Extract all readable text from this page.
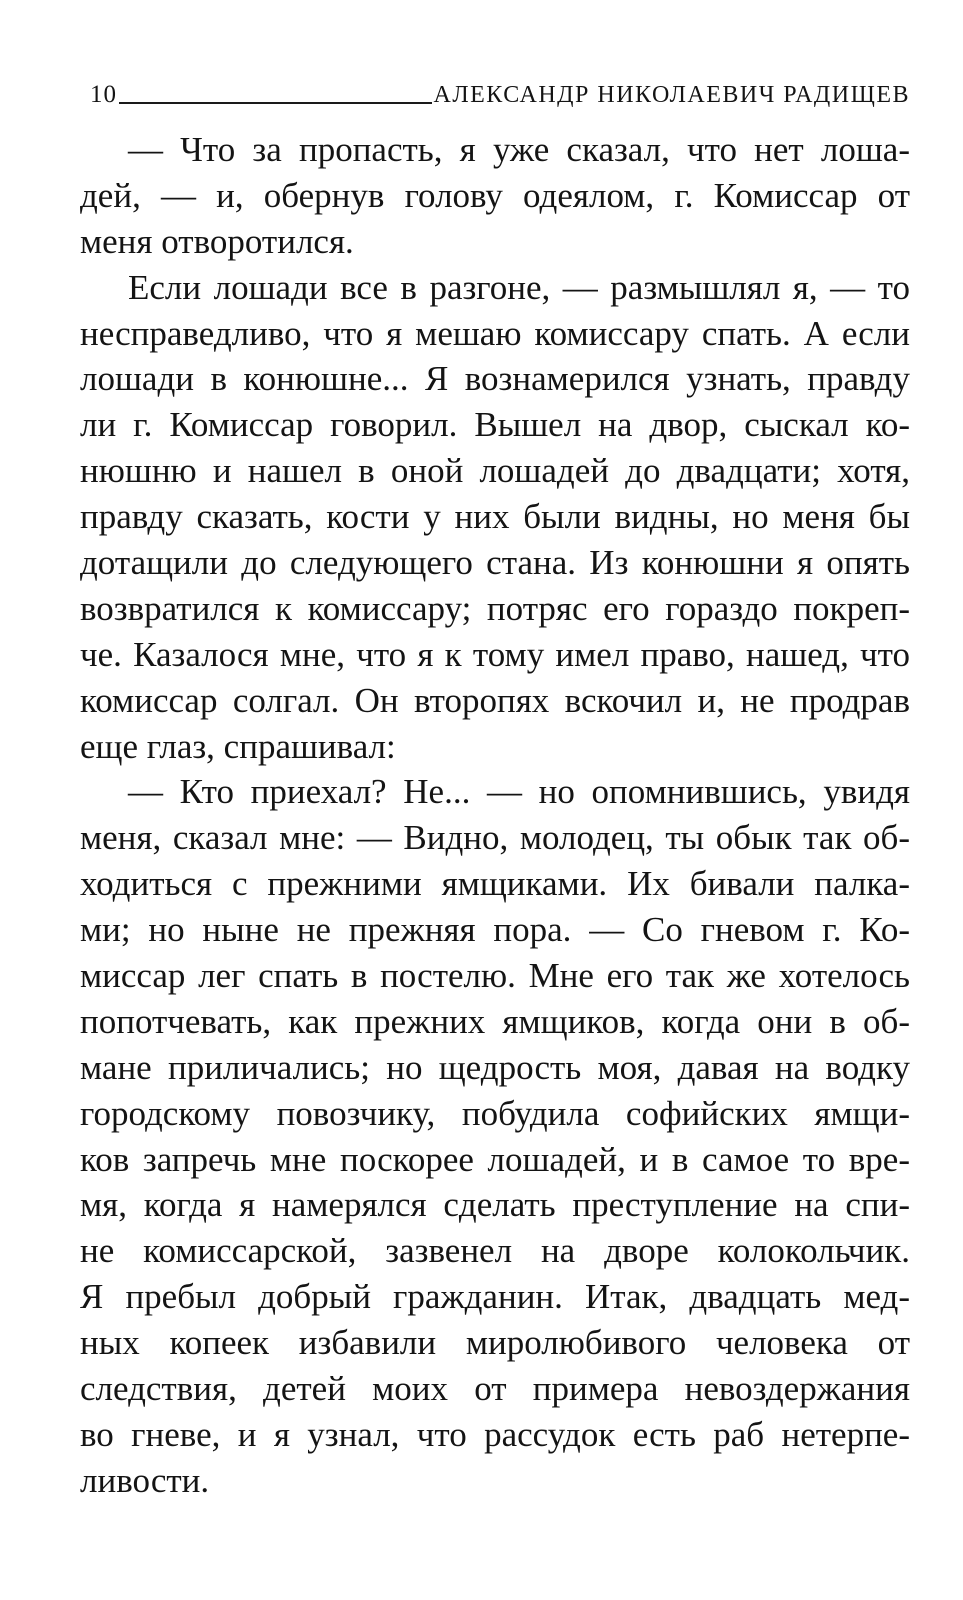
10	АЛЕКСАНДР НИКОЛАЕВИЧ РАДИЩЕВ
— Что за пропасть, я уже сказал, что нет лоша-
дей, — и, обернув голову одеялом, г. Комиссар от
меня отворотился.
Если лошади все в разгоне, — размышлял я, — то
несправедливо, что я мешаю комиссару спать. А если
лошади в конюшне... Я вознамерился узнать, правду
ли г. Комиссар говорил. Вышел на двор, сыскал ко-
нюшню и нашел в оной лошадей до двадцати; хотя,
правду сказать, кости у них были видны, но меня бы
дотащили до следующего стана. Из конюшни я опять
возвратился к комиссару; потряс его гораздо покреп-
че. Казалося мне, что я к тому имел право, нашед, что
комиссар солгал. Он второпях вскочил и, не продрав
еще глаз, спрашивал:
— Кто приехал? Не... — но опомнившись, увидя
меня, сказал мне: — Видно, молодец, ты обык так об-
ходиться с прежними ямщиками. Их бивали палка-
ми; но ныне не прежняя пора. — Со гневом г. Ко-
миссар лег спать в постелю. Мне его так же хотелось
попотчевать, как прежних ямщиков, когда они в об-
мане приличались; но щедрость моя, давая на водку
городскому повозчику, побудила софийских ямщи-
ков запречь мне поскорее лошадей, и в самое то вре-
мя, когда я намерялся сделать преступление на спи-
не комиссарской, зазвенел на дворе колокольчик.
Я пребыл добрый гражданин. Итак, двадцать мед-
ных копеек избавили миролюбивого человека от
следствия, детей моих от примера невоздержания
во гневе, и я узнал, что рассудок есть раб нетерпе-
ливости.
